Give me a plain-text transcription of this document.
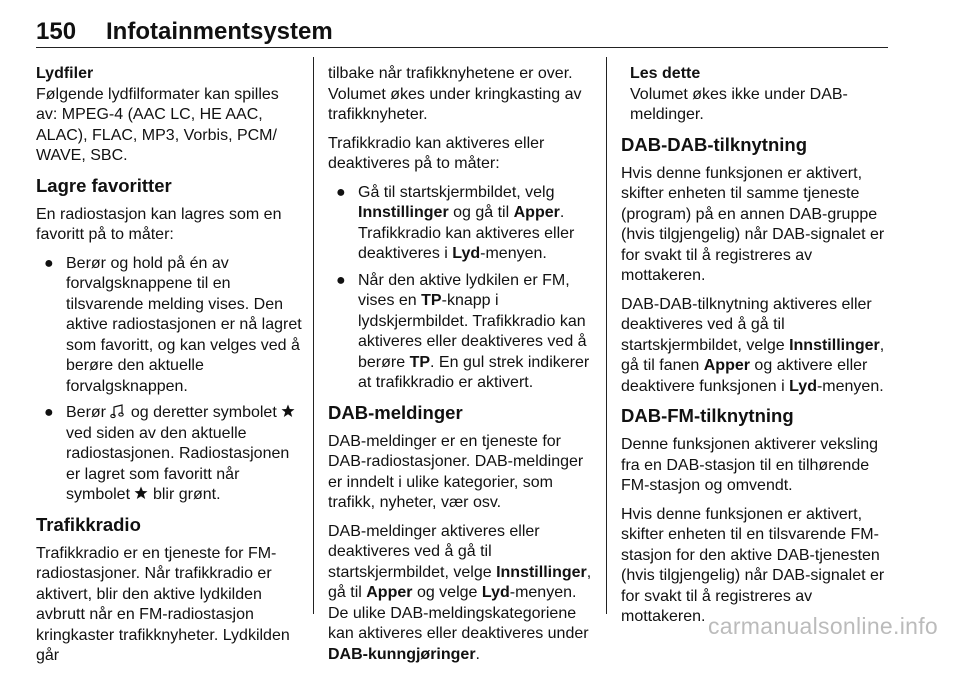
150 Infotainmentsystem
Lydfiler

Følgende lydfilformater kan spilles av: MPEG-4 (AAC LC, HE AAC, ALAC), FLAC, MP3, Vorbis, PCM/ WAVE, SBC.

Lagre favoritter

En radiostasjon kan lagres som en favoritt på to måter:

● Berør og hold på én av forvalgsknappene til en tilsvarende melding vises. Den aktive radiostasjonen er nå lagret som favoritt, og kan velges ved å berøre den aktuelle forvalgsknappen.
● Berør og deretter symbolet  ved siden av den aktuelle radiostasjonen. Radiostasjonen er lagret som favoritt når symbolet blir grønt.
Trafikkradio

Trafikkradio er en tjeneste for FM-radiostasjoner. Når trafikkradio er aktivert, blir den aktive lydkilden avbrutt når en FM-radiostasjon kringkaster trafikknyheter. Lydkilden går

tilbake når trafikknyhetene er over. Volumet økes under kringkasting av trafikknyheter.

Trafikkradio kan aktiveres eller deaktiveres på to måter:

● Gå til startskjermbildet, velg Innstillinger og gå til Apper. Trafikkradio kan aktiveres eller deaktiveres i Lyd-menyen.
● Når den aktive lydkilen er FM, vises en TP-knapp i lydskjermbildet. Trafikkradio kan aktiveres eller deaktiveres ved å berøre TP. En gul strek indikerer at trafikkradio er aktivert.
DAB-meldinger

DAB-meldinger er en tjeneste for DAB-radiostasjoner. DAB-meldinger er inndelt i ulike kategorier, som trafikk, nyheter, vær osv.

DAB-meldinger aktiveres eller deaktiveres ved å gå til startskjermbildet, velge Innstillinger, gå til Apper og velge Lyd-menyen. De ulike DAB-meldingskategoriene kan aktiveres eller deaktiveres under DAB-kunngjøringer.

Les dette
Volumet økes ikke under DAB-meldinger.
DAB-DAB-tilknytning

Hvis denne funksjonen er aktivert, skifter enheten til samme tjeneste (program) på en annen DAB-gruppe (hvis tilgjengelig) når DAB-signalet er for svakt til å registreres av mottakeren.

DAB-DAB-tilknytning aktiveres eller deaktiveres ved å gå til startskjermbildet, velge Innstillinger, gå til fanen Apper og aktivere eller deaktivere funksjonen i Lyd-menyen.

DAB-FM-tilknytning

Denne funksjonen aktiverer veksling fra en DAB-stasjon til en tilhørende FM-stasjon og omvendt.

Hvis denne funksjonen er aktivert, skifter enheten til en tilsvarende FM-stasjon for den aktive DAB-tjenesten (hvis tilgjengelig) når DAB-signalet er for svakt til å registreres av mottakeren. carmanualsonline.info
